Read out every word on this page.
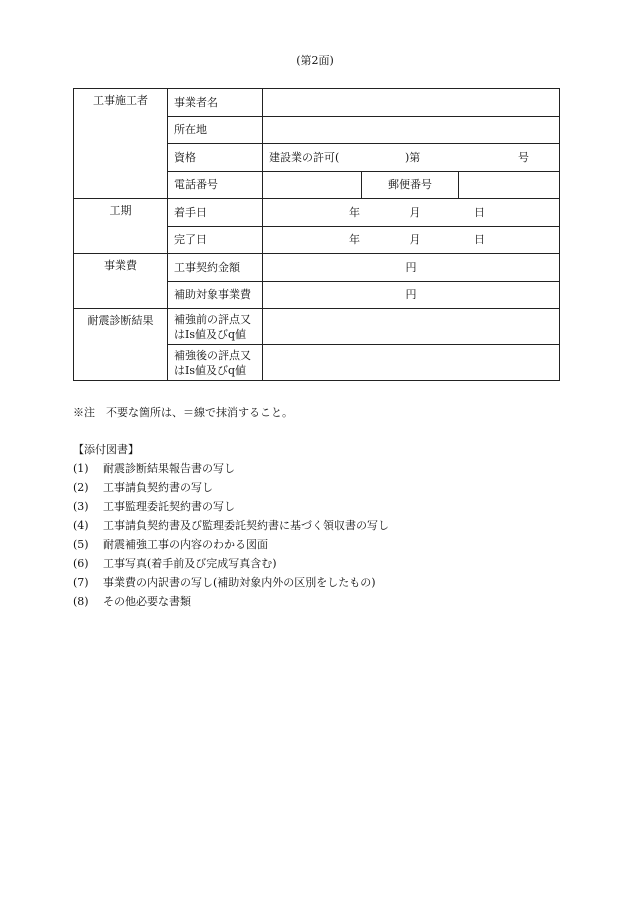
(第2面)
工事施工者	事業者名			
	所在地			
	資格	建設業の許可( )第 号		

	電話番号		郵便番号	
工期	着手日	年 月 日		
	完了日	年 月 日		
事業費	工事契約金額	円		
	補助対象事業費	円		
耐震診断結果	補強前の評点又
はIs値及びq値			

	補強後の評点又
はIs値及びq値			

※注　不要な箇所は、＝線で抹消すること。
【添付図書】
(1)	耐震診断結果報告書の写し
(2)	工事請負契約書の写し
(3)	工事監理委託契約書の写し
(4)	工事請負契約書及び監理委託契約書に基づく領収書の写し
(5)	耐震補強工事の内容のわかる図面
(6)	工事写真(着手前及び完成写真含む)
(7)	事業費の内訳書の写し(補助対象内外の区別をしたもの)
(8)	その他必要な書類
